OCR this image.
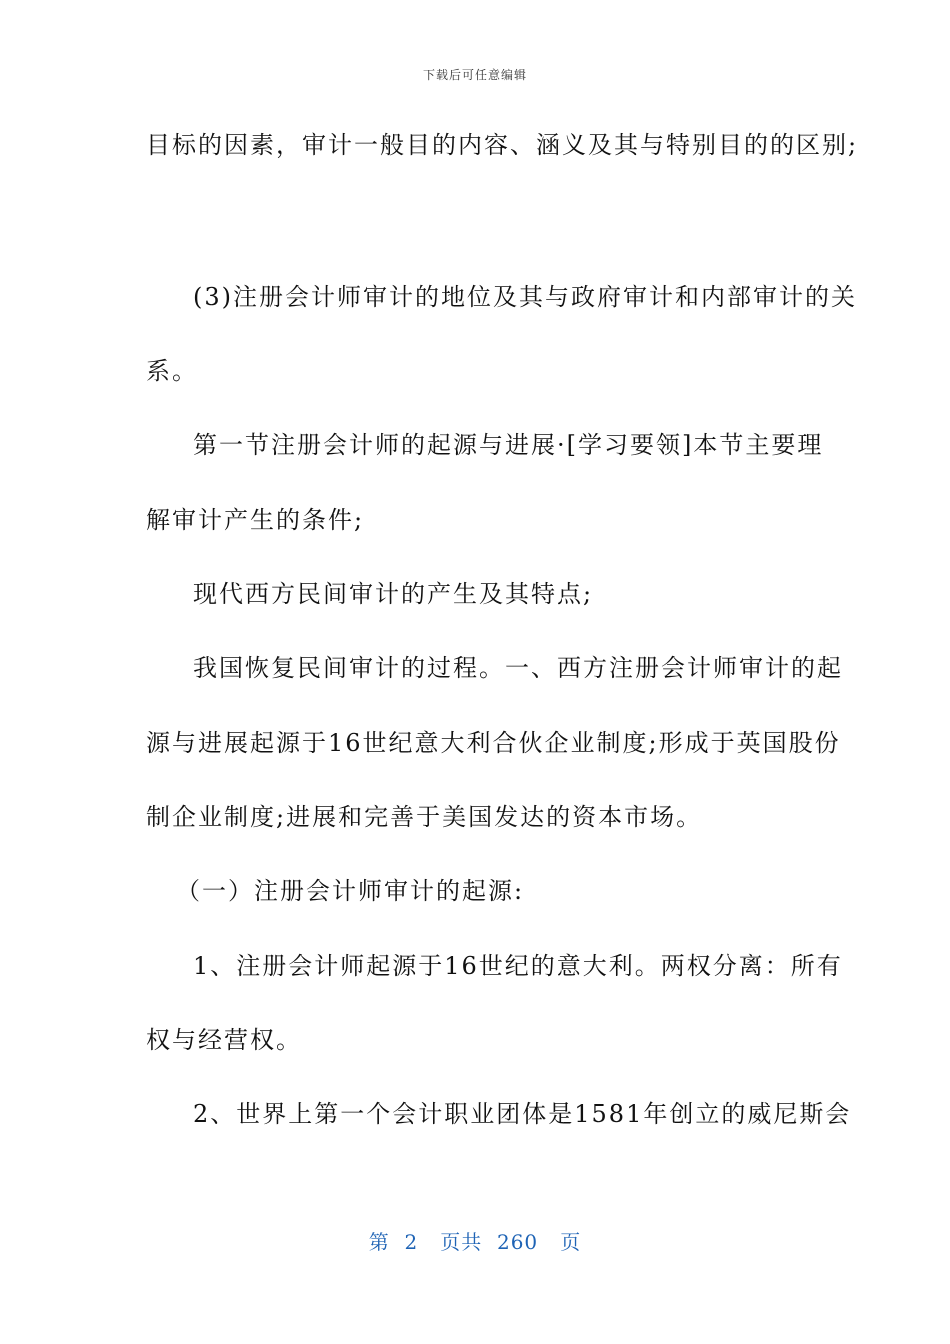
下载后可任意编辑
目标的因素，审计一般目的内容、涵义及其与特别目的的区别;
(3)注册会计师审计的地位及其与政府审计和内部审计的关
系。
第一节注册会计师的起源与进展·[学习要领]本节主要理
解审计产生的条件;
现代西方民间审计的产生及其特点;
我国恢复民间审计的过程。一、西方注册会计师审计的起
源与进展起源于16世纪意大利合伙企业制度;形成于英国股份
制企业制度;进展和完善于美国发达的资本市场。
（一）注册会计师审计的起源:
1、注册会计师起源于16世纪的意大利。两权分离：所有
权与经营权。
2、世界上第一个会计职业团体是1581年创立的威尼斯会
第 2 页共 260 页
